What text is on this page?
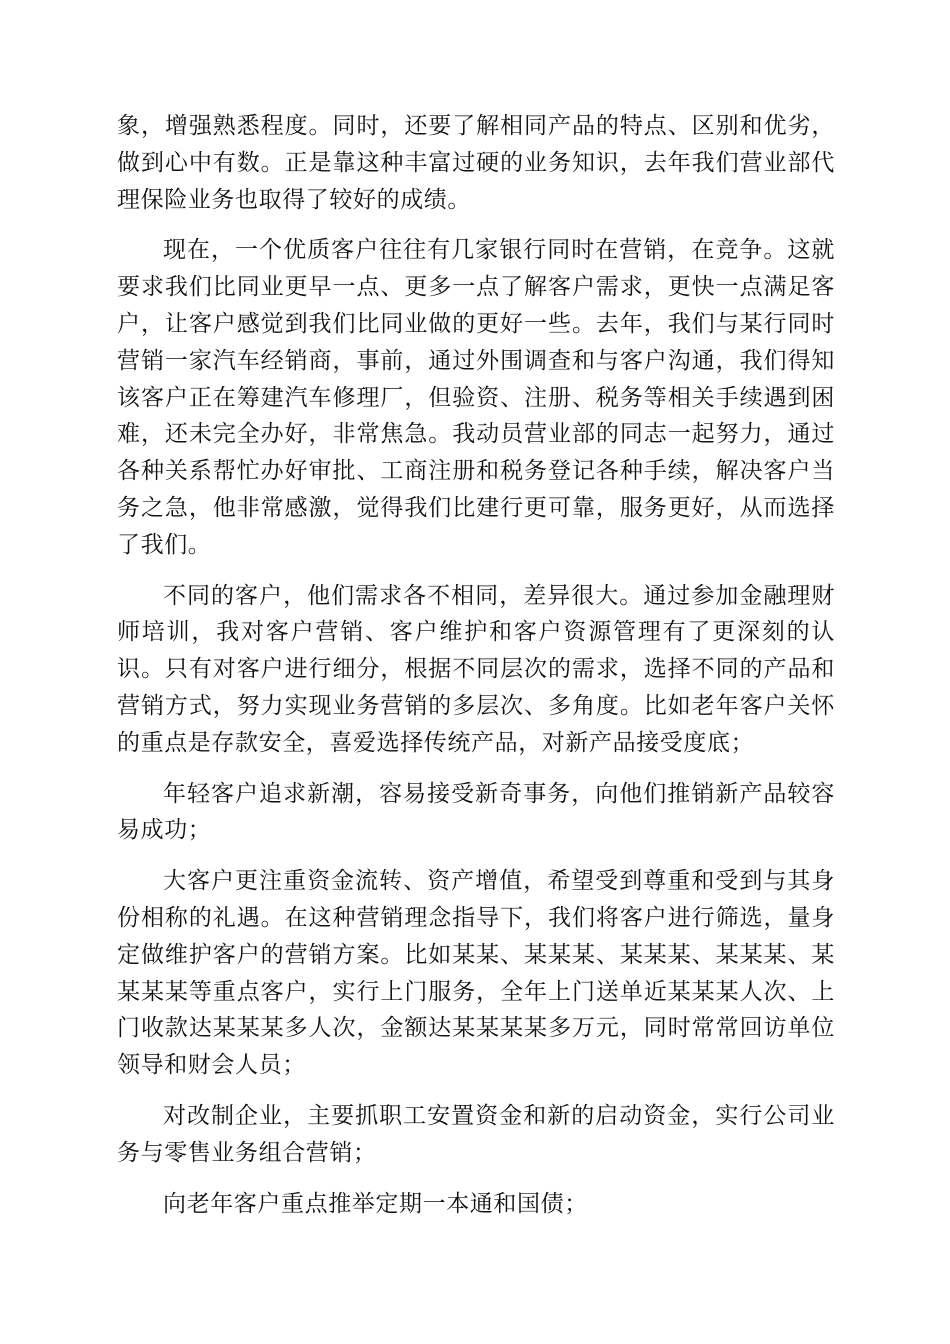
象，增强熟悉程度。同时，还要了解相同产品的特点、区别和优劣，做到心中有数。正是靠这种丰富过硬的业务知识，去年我们营业部代理保险业务也取得了较好的成绩。

现在，一个优质客户往往有几家银行同时在营销，在竞争。这就要求我们比同业更早一点、更多一点了解客户需求，更快一点满足客户，让客户感觉到我们比同业做的更好一些。去年，我们与某行同时营销一家汽车经销商，事前，通过外围调查和与客户沟通，我们得知该客户正在筹建汽车修理厂，但验资、注册、税务等相关手续遇到困难，还未完全办好，非常焦急。我动员营业部的同志一起努力，通过各种关系帮忙办好审批、工商注册和税务登记各种手续，解决客户当务之急，他非常感激，觉得我们比建行更可靠，服务更好，从而选择了我们。

不同的客户，他们需求各不相同，差异很大。通过参加金融理财师培训，我对客户营销、客户维护和客户资源管理有了更深刻的认识。只有对客户进行细分，根据不同层次的需求，选择不同的产品和营销方式，努力实现业务营销的多层次、多角度。比如老年客户关怀的重点是存款安全，喜爱选择传统产品，对新产品接受度底；

年轻客户追求新潮，容易接受新奇事务，向他们推销新产品较容易成功；

大客户更注重资金流转、资产增值，希望受到尊重和受到与其身份相称的礼遇。在这种营销理念指导下，我们将客户进行筛选，量身定做维护客户的营销方案。比如某某、某某某、某某某、某某某、某某某某等重点客户，实行上门服务，全年上门送单近某某某人次、上门收款达某某某多人次，金额达某某某某多万元，同时常常回访单位领导和财会人员；

对改制企业，主要抓职工安置资金和新的启动资金，实行公司业务与零售业务组合营销；

向老年客户重点推举定期一本通和国债；
